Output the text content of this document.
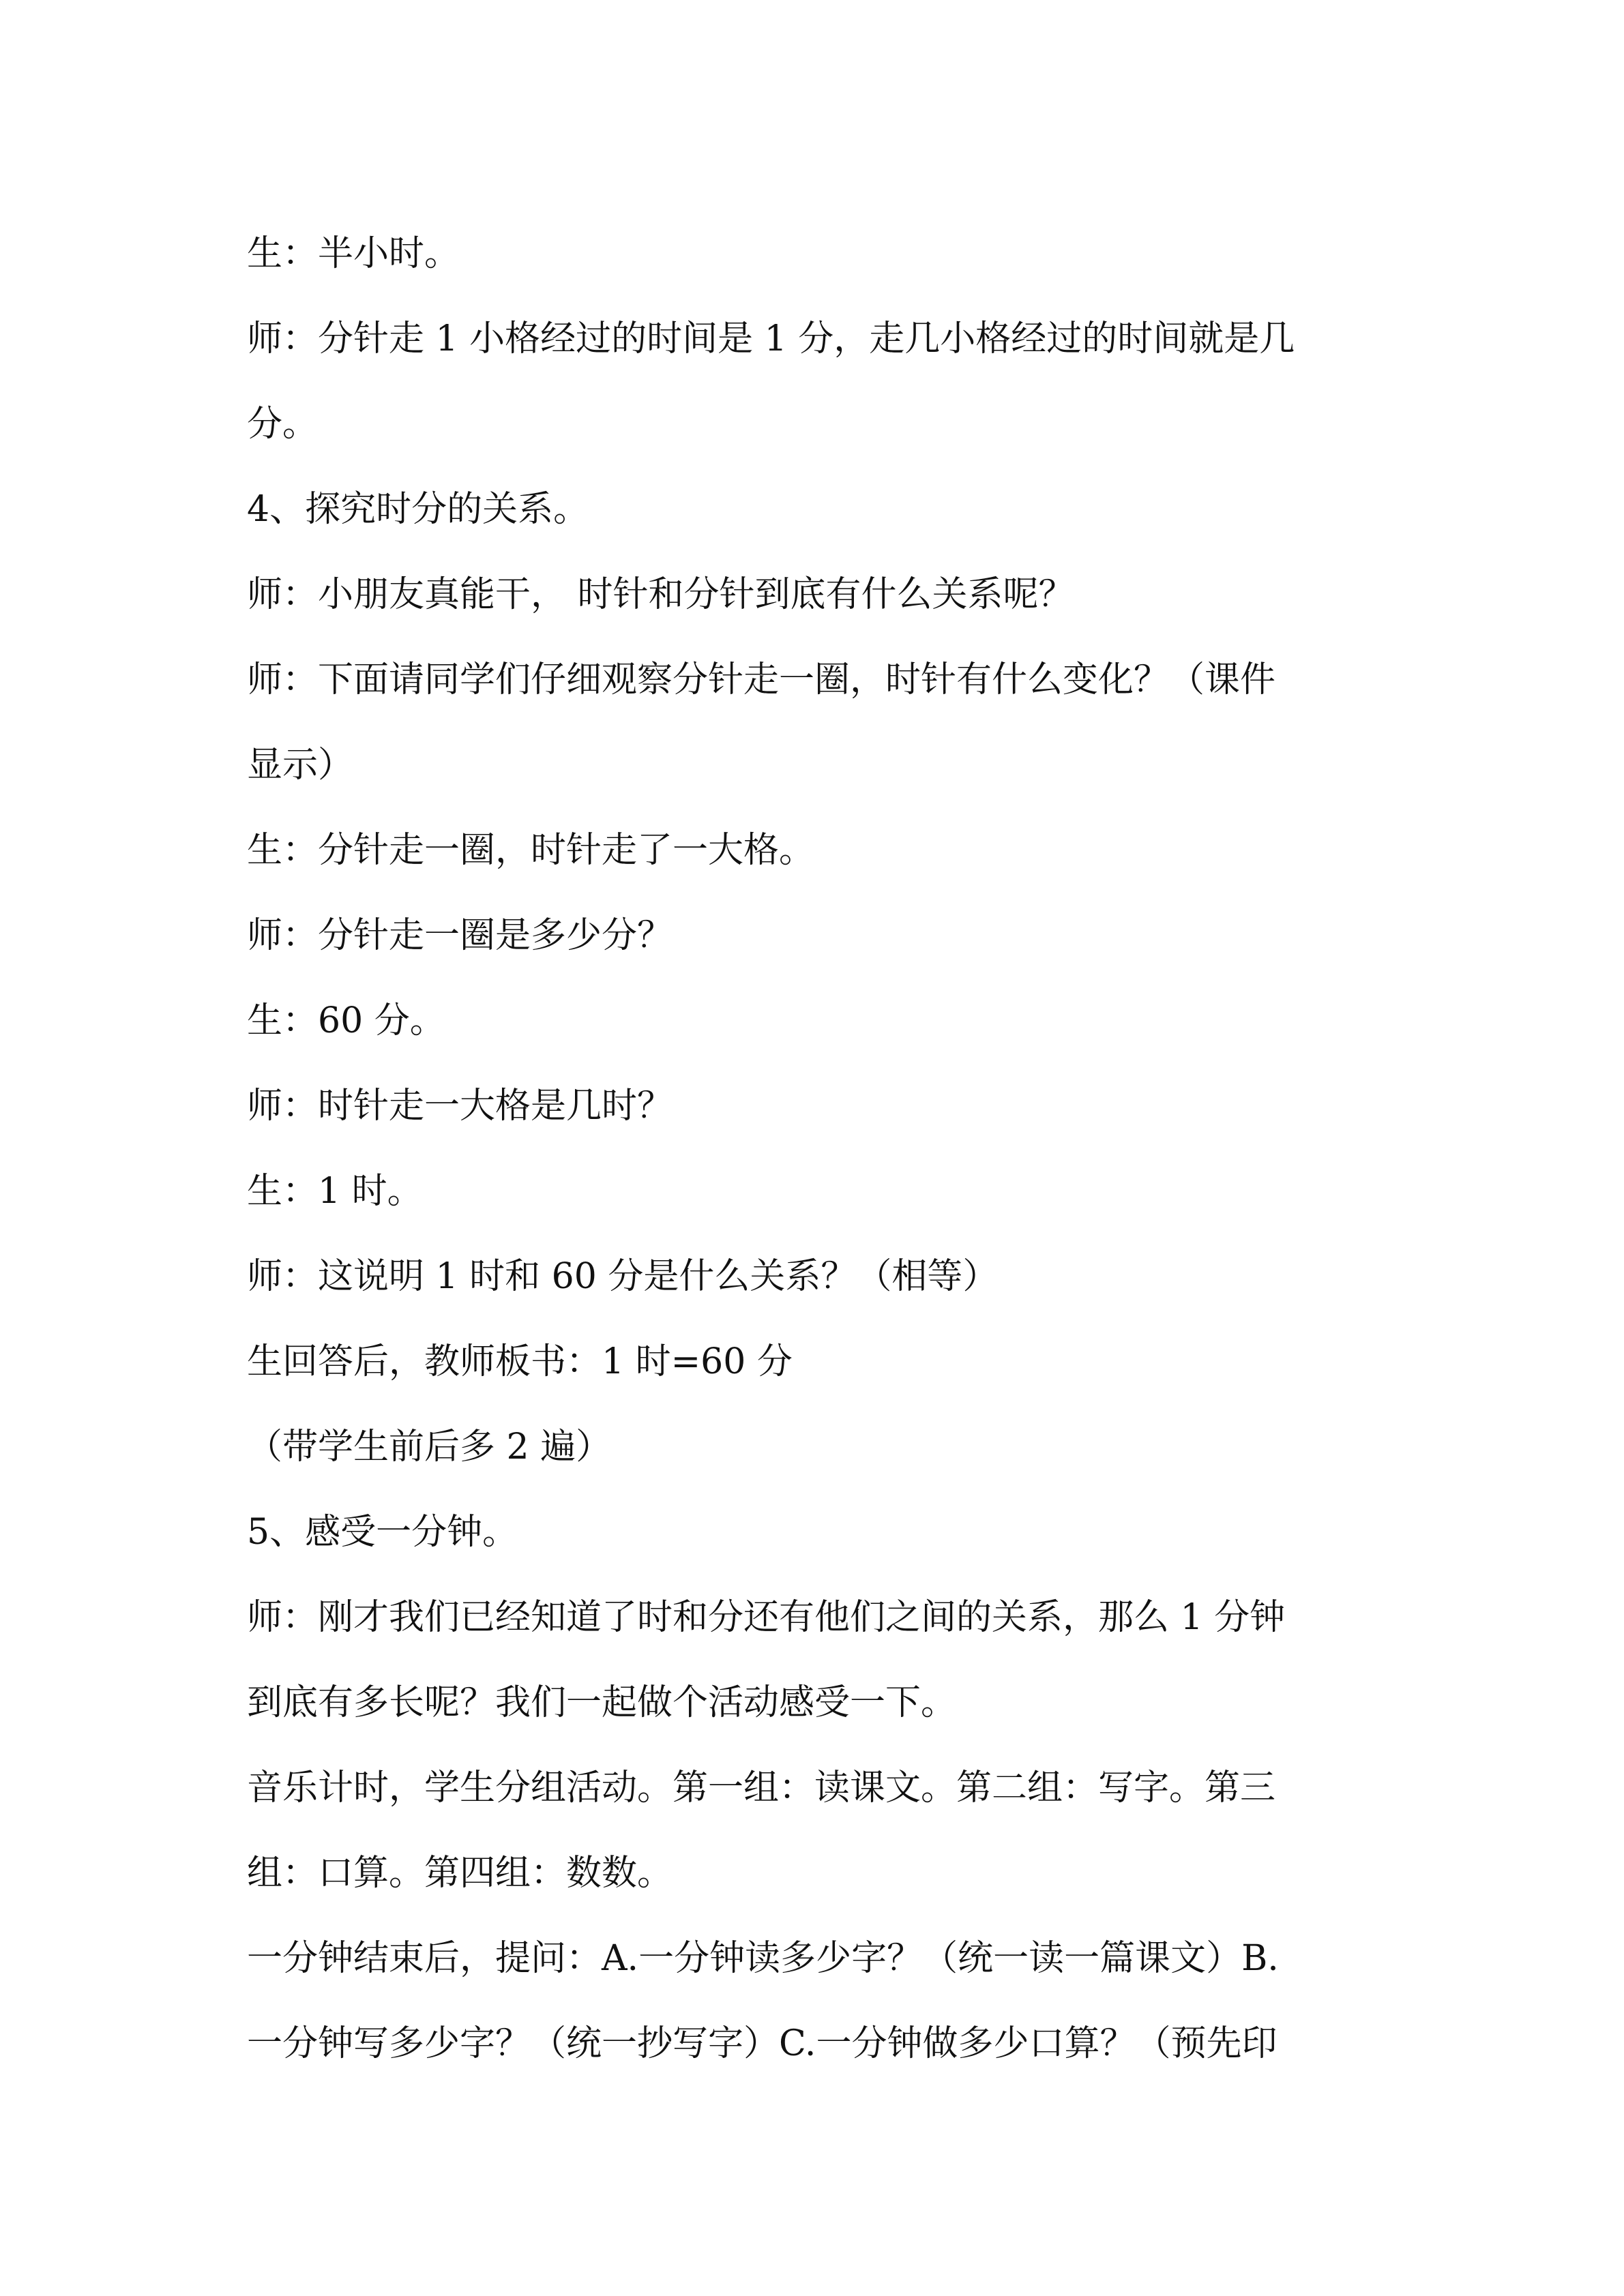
生：半小时。
师：分针走 1 小格经过的时间是 1 分，走几小格经过的时间就是几
分。
4、探究时分的关系。
师：小朋友真能干， 时针和分针到底有什么关系呢？
师：下面请同学们仔细观察分针走一圈，时针有什么变化？（课件
显示）
生：分针走一圈，时针走了一大格。
师：分针走一圈是多少分？
生：60 分。
师：时针走一大格是几时？
生：1 时。
师：这说明 1 时和 60 分是什么关系？（相等）
生回答后，教师板书：1 时=60 分
（带学生前后多 2 遍）
5、感受一分钟。
师：刚才我们已经知道了时和分还有他们之间的关系，那么 1 分钟
到底有多长呢？我们一起做个活动感受一下。
音乐计时，学生分组活动。第一组：读课文。第二组：写字。第三
组：口算。第四组：数数。
一分钟结束后，提问：A.一分钟读多少字？（统一读一篇课文）B.
一分钟写多少字？（统一抄写字）C.一分钟做多少口算？（预先印
